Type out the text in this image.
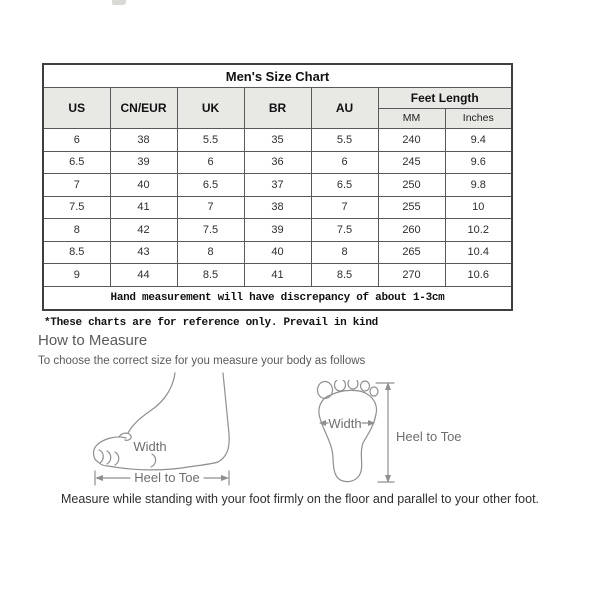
Men's Size Chart						
US	CN/EUR	UK	BR	AU	Feet Length	
					MM	Inches
6	38	5.5	35	5.5	240	9.4
6.5	39	6	36	6	245	9.6
7	40	6.5	37	6.5	250	9.8
7.5	41	7	38	7	255	10
8	42	7.5	39	7.5	260	10.2
8.5	43	8	40	8	265	10.4
9	44	8.5	41	8.5	270	10.6
Hand measurement will have discrepancy of about 1-3cm						
*These charts are for reference only. Prevail in kind
How to Measure
To choose the correct size for you measure your body as follows
Width
Heel to Toe
Width
Heel to Toe
Measure while standing with your foot firmly on the floor and parallel to your other foot.
